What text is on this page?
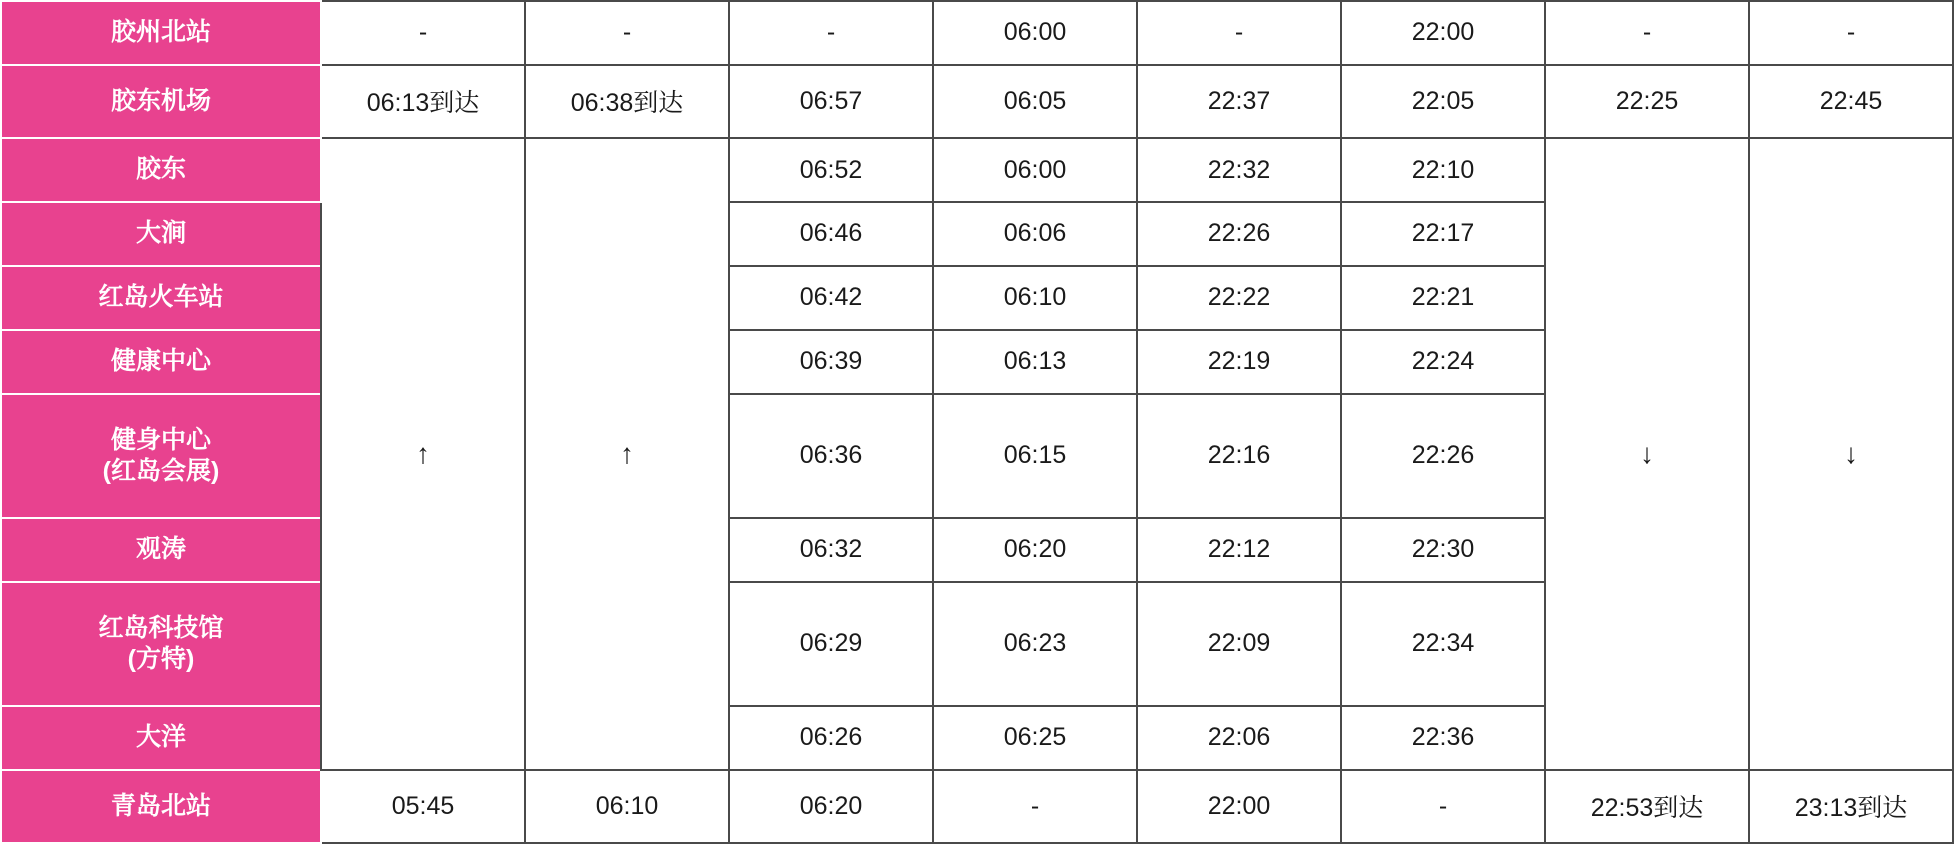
胶州北站	-	-	-	06:00	-	22:00	-	-
胶东机场	06:13到达	06:38到达	06:57	06:05	22:37	22:05	22:25	22:45
胶东	↑	↑	06:52	06:00	22:32	22:10	↓	↓
大涧			06:46	06:06	22:26	22:17		
红岛火车站			06:42	06:10	22:22	22:21		
健康中心			06:39	06:13	22:19	22:24		

健身中心
(红岛会展)			06:36	06:15	22:16	22:26		
观涛			06:32	06:20	22:12	22:30		

红岛科技馆
(方特)			06:29	06:23	22:09	22:34		
大洋			06:26	06:25	22:06	22:36		
青岛北站	05:45	06:10	06:20	-	22:00	-	22:53到达	23:13到达
